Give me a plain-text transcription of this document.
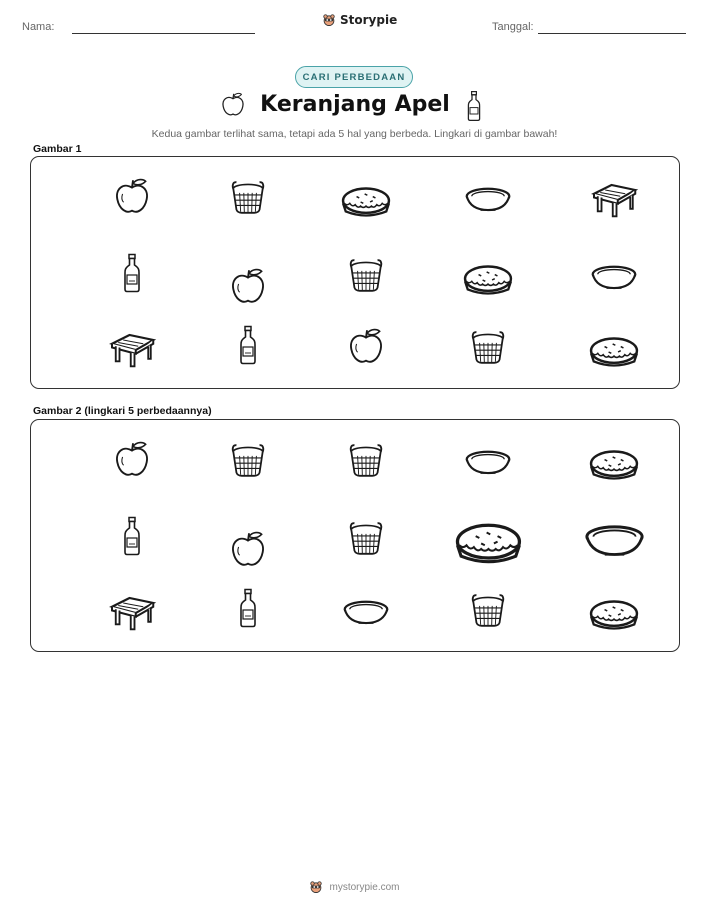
Nama:	Storypie	Tanggal:
CARI PERBEDAAN
Keranjang Apel
Kedua gambar terlihat sama, tetapi ada 5 hal yang berbeda. Lingkari di gambar bawah!
Gambar 1
Gambar 2 (lingkari 5 perbedaannya)
mystorypie.com
